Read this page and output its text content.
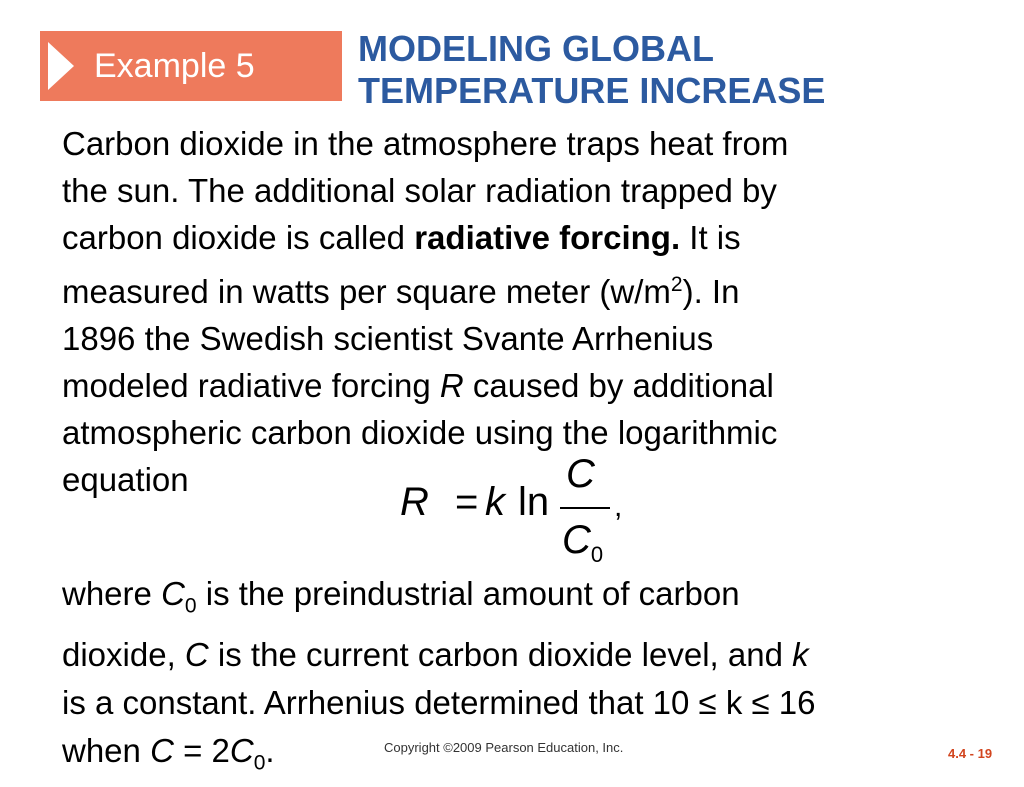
Example 5	MODELING GLOBAL
TEMPERATURE INCREASE
Carbon dioxide in the atmosphere traps heat from
the sun. The additional solar radiation trapped by
carbon dioxide is called radiative forcing. It is
measured in watts per square meter $(w/m^2)$. In
1896 the Swedish scientist Svante Arrhenius
modeled radiative forcing R caused by additional
atmospheric carbon dioxide using the logarithmic
equation
R = k ln
C
$C_0$
,
where $C_0$ is the preindustrial amount of carbon
dioxide, C is the current carbon dioxide level, and k
is a constant. Arrhenius determined that 10 ≤ k ≤ 16
when $C = 2C_0$.	Copyright ©2009 Pearson Education, Inc.	4.4 - 19
